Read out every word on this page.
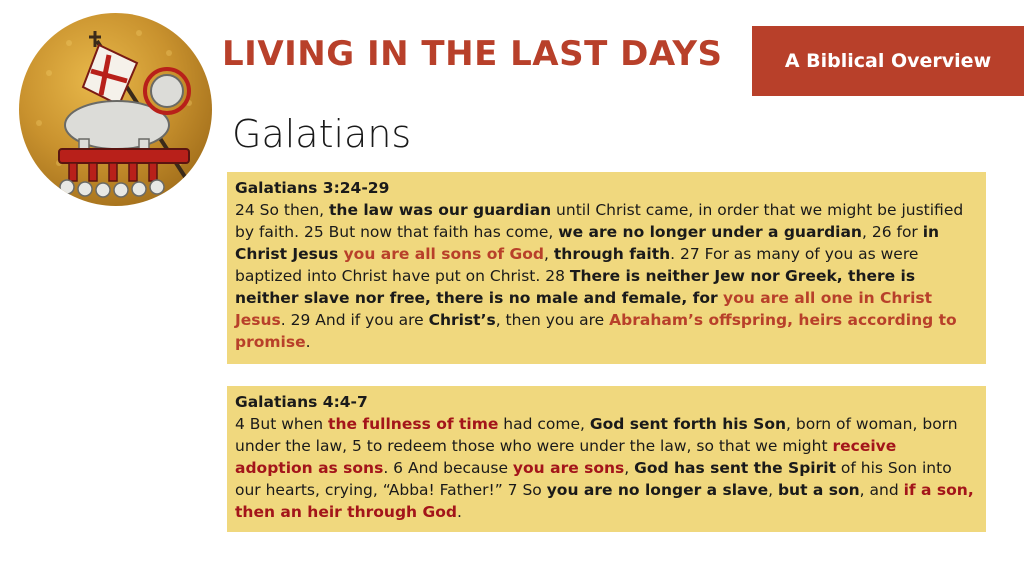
LIVING IN THE LAST DAYS	A Biblical Overview
Galatians
Galatians 3:24-29
24 So then, the law was our guardian until Christ came, in order that we might be justified by faith. 25 But now that faith has come, we are no longer under a guardian, 26 for in Christ Jesus you are all sons of God, through faith. 27 For as many of you as were baptized into Christ have put on Christ. 28 There is neither Jew nor Greek, there is neither slave nor free, there is no male and female, for you are all one in Christ Jesus. 29 And if you are Christ’s, then you are Abraham’s offspring, heirs according to promise.
Galatians 4:4-7
4 But when the fullness of time had come, God sent forth his Son, born of woman, born under the law, 5 to redeem those who were under the law, so that we might receive adoption as sons. 6 And because you are sons, God has sent the Spirit of his Son into our hearts, crying, “Abba! Father!” 7 So you are no longer a slave, but a son, and if a son, then an heir through God.
